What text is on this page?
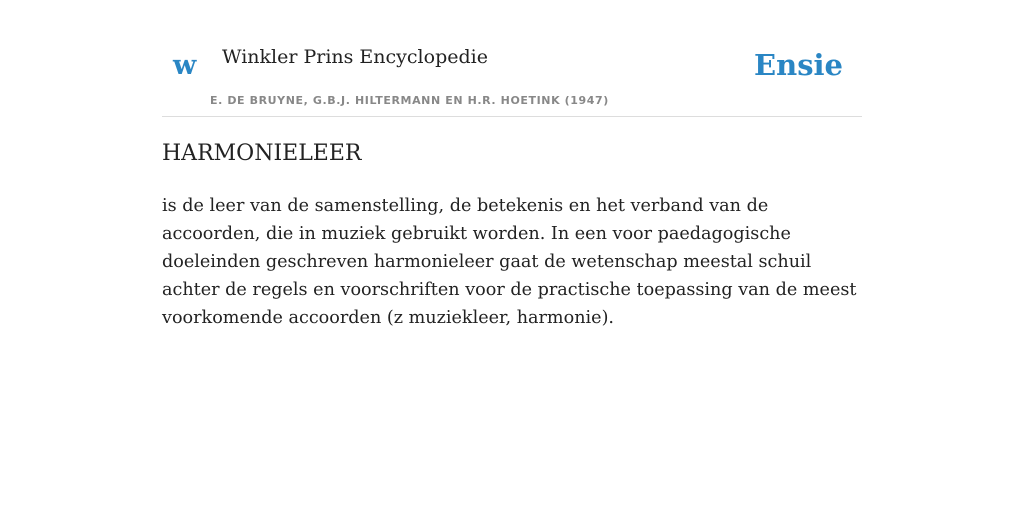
w Winkler Prins Encyclopedie
E. DE BRUYNE, G.B.J. HILTERMANN EN H.R. HOETINK (1947)
Ensie
HARMONIELEER

is de leer van de samenstelling, de betekenis en het verband van de accoorden, die in muziek gebruikt worden. In een voor paedagogische doeleinden geschreven harmonieleer gaat de wetenschap meestal schuil achter de regels en voorschriften voor de practische toepassing van de meest voorkomende accoorden (z muziekleer, harmonie).
